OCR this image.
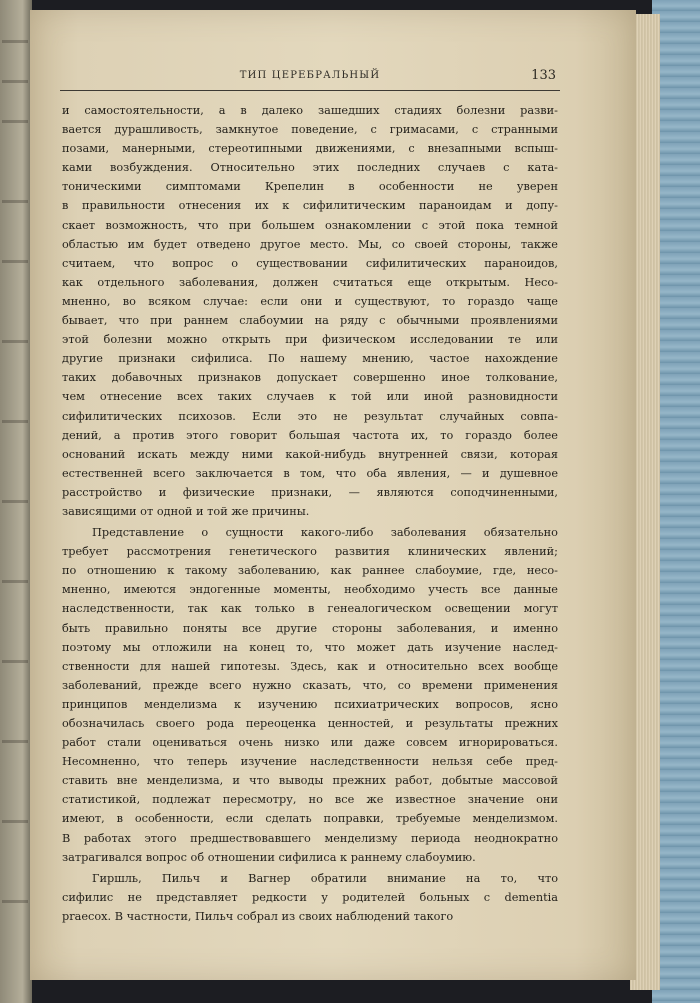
ТИП ЦЕРЕБРАЛЬНЫЙ	133
и самостоятельности, а в далеко зашедших стадиях болезни разви-
вается дурашливость, замкнутое поведение, с гримасами, с странными
позами, манерными, стереотипными движениями, с внезапными вспыш-
ками возбуждения. Относительно этих последних случаев с ката-
тоническими симптомами Крепелин в особенности не уверен
в правильности отнесения их к сифилитическим параноидам и допу-
скает возможность, что при большем ознакомлении с этой пока темной
областью им будет отведено другое место. Мы, со своей стороны, также
считаем, что вопрос о существовании сифилитических параноидов,
как отдельного заболевания, должен считаться еще открытым. Несо-
мненно, во всяком случае: если они и существуют, то гораздо чаще
бывает, что при раннем слабоумии на ряду с обычными проявлениями
этой болезни можно открыть при физическом исследовании те или
другие признаки сифилиса. По нашему мнению, частое нахождение
таких добавочных признаков допускает совершенно иное толкование,
чем отнесение всех таких случаев к той или иной разновидности
сифилитических психозов. Если это не результат случайных совпа-
дений, а против этого говорит большая частота их, то гораздо более
оснований искать между ними какой-нибудь внутренней связи, которая
естественней всего заключается в том, что оба явления, — и душевное
расстройство и физические признаки, — являются соподчиненными,
зависящими от одной и той же причины.
Представление о сущности какого-либо заболевания обязательно
требует рассмотрения генетического развития клинических явлений;
по отношению к такому заболеванию, как раннее слабоумие, где, несо-
мненно, имеются эндогенные моменты, необходимо учесть все данные
наследственности, так как только в генеалогическом освещении могут
быть правильно поняты все другие стороны заболевания, и именно
поэтому мы отложили на конец то, что может дать изучение наслед-
ственности для нашей гипотезы. Здесь, как и относительно всех вообще
заболеваний, прежде всего нужно сказать, что, со времени применения
принципов менделизма к изучению психиатрических вопросов, ясно
обозначилась своего рода переоценка ценностей, и результаты прежних
работ стали оцениваться очень низко или даже совсем игнорироваться.
Несомненно, что теперь изучение наследственности нельзя себе пред-
ставить вне менделизма, и что выводы прежних работ, добытые массовой
статистикой, подлежат пересмотру, но все же известное значение они
имеют, в особенности, если сделать поправки, требуемые менделизмом.
В работах этого предшествовавшего менделизму периода неоднократно
затрагивался вопрос об отношении сифилиса к раннему слабоумию.
Гиршль, Пильч и Вагнер обратили внимание на то, что
сифилис не представляет редкости у родителей больных с dementia
praecox. В частности, Пильч собрал из своих наблюдений такого
